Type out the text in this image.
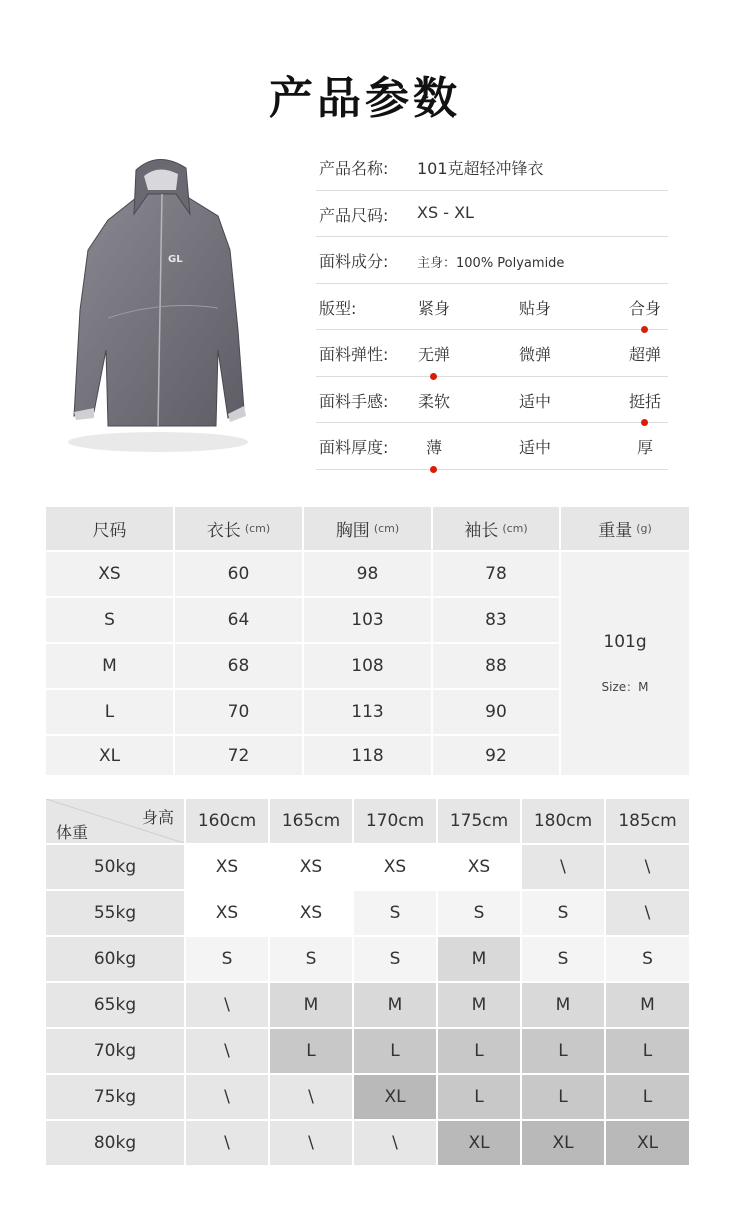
产品参数
GL
产品名称: 101克超轻冲锋衣
产品尺码: XS - XL
面料成分: 主身：100% Polyamide
版型:	紧身	贴身	合身
面料弹性:	无弹	微弹	超弹
面料手感:	柔软	适中	挺括
面料厚度:	薄	适中	厚
尺码	衣长 (cm)	胸围 (cm)	袖长 (cm)	重量 (g)
XS	60	98	78
S	64	103	83
M	68	108	88
L	70	113	90
XL	72	118	92
101g
Size：M
身高
体重
160cm	165cm	170cm	175cm	180cm	185cm
50kg	XS	XS	XS	XS	\	\
55kg	XS	XS	S	S	S	\
60kg	S	S	S	M	S	S
65kg	\	M	M	M	M	M
70kg	\	L	L	L	L	L
75kg	\	\	XL	L	L	L
80kg	\	\	\	XL	XL	XL
